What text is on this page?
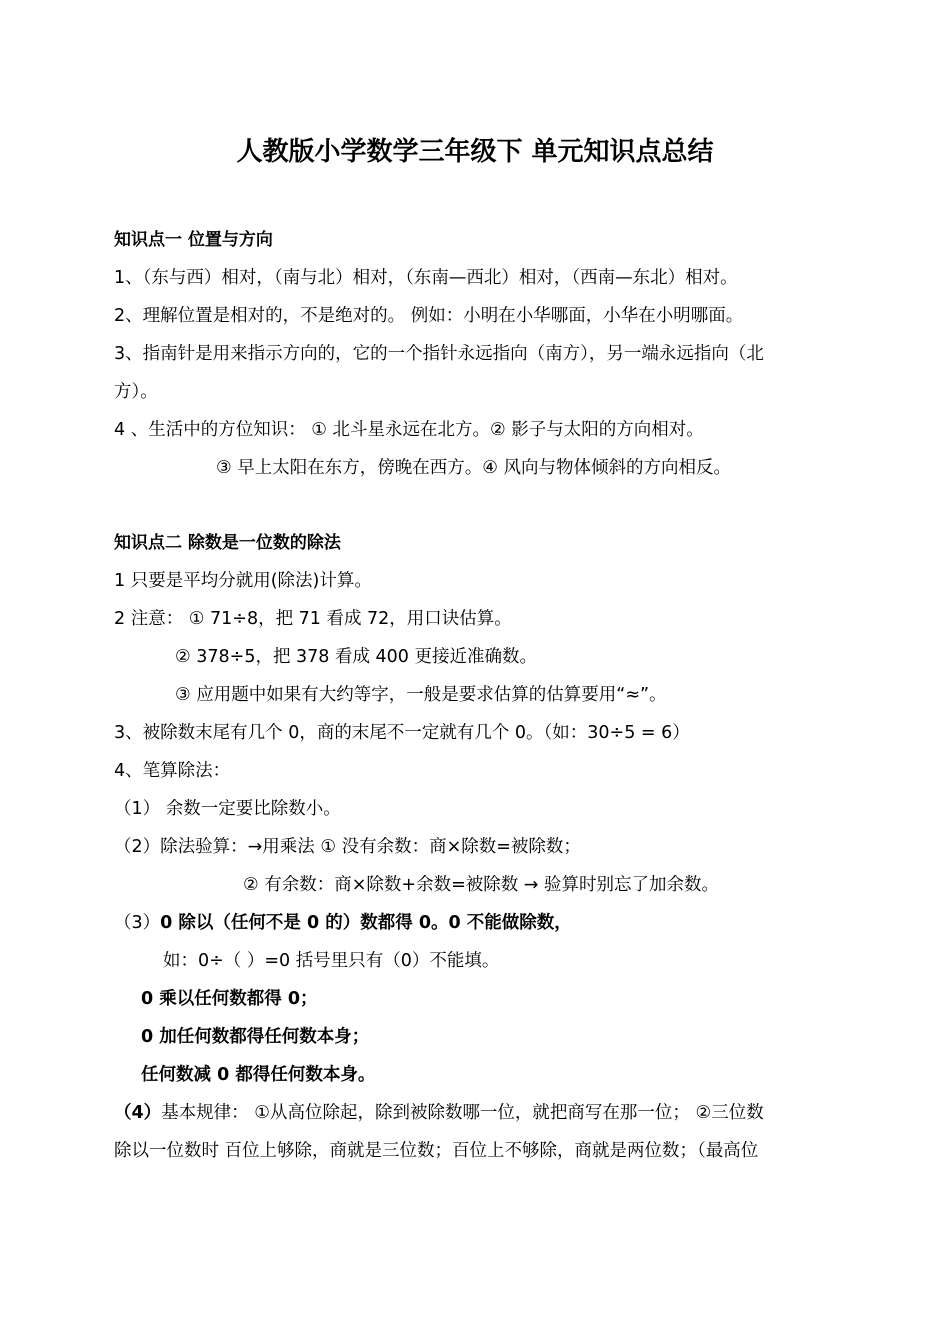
人教版小学数学三年级下 单元知识点总结
知识点一 位置与方向
1、（东与西）相对，（南与北）相对，（东南—西北）相对，（西南—东北）相对。
2、理解位置是相对的，不是绝对的。 例如：小明在小华哪面，小华在小明哪面。
3、指南针是用来指示方向的，它的一个指针永远指向（南方），另一端永远指向（北
方）。
4 、生活中的方位知识： ① 北斗星永远在北方。② 影子与太阳的方向相对。
③ 早上太阳在东方，傍晚在西方。④ 风向与物体倾斜的方向相反。
知识点二 除数是一位数的除法
1 只要是平均分就用(除法)计算。
2 注意： ① 71÷8，把 71 看成 72，用口诀估算。
② 378÷5，把 378 看成 400 更接近准确数。
③ 应用题中如果有大约等字，一般是要求估算的估算要用“≈”。
3、被除数末尾有几个 0，商的末尾不一定就有几个 0。（如：30÷5 = 6）
4、笔算除法：
（1） 余数一定要比除数小。
（2）除法验算：→用乘法 ① 没有余数：商×除数=被除数；
② 有余数：商×除数+余数=被除数 → 验算时别忘了加余数。
（3）0 除以（任何不是 0 的）数都得 0。0 不能做除数，
如：0÷（ ）=0 括号里只有（0）不能填。
0 乘以任何数都得 0；
0 加任何数都得任何数本身；
任何数减 0 都得任何数本身。
（4）基本规律： ①从高位除起，除到被除数哪一位，就把商写在那一位； ②三位数
除以一位数时 百位上够除，商就是三位数；百位上不够除，商就是两位数；（最高位
